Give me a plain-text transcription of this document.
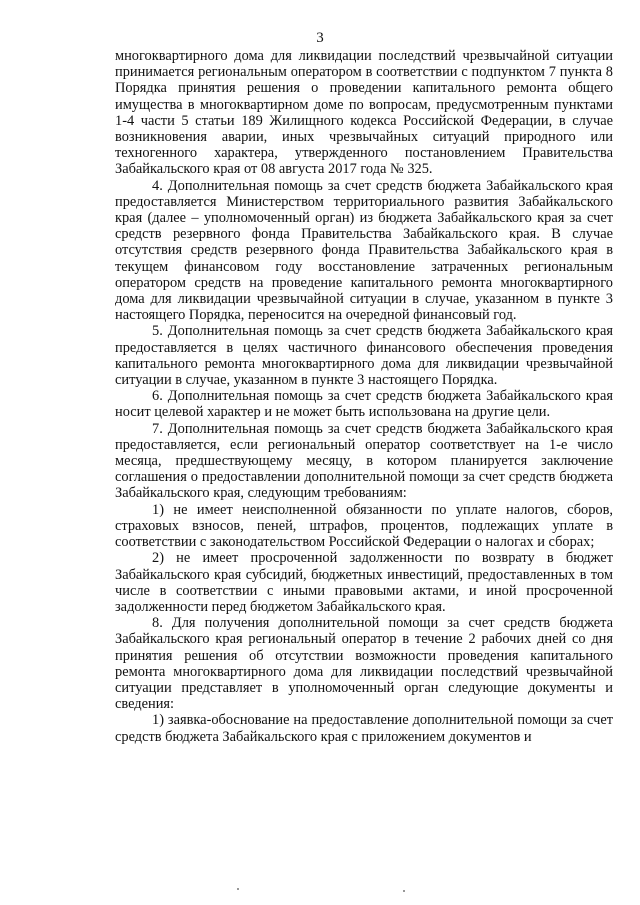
3

многоквартирного дома для ликвидации последствий чрезвычайной ситуации принимается региональным оператором в соответствии с подпунктом 7 пункта 8 Порядка принятия решения о проведении капитального ремонта общего имущества в многоквартирном доме по вопросам, предусмотренным пунктами 1-4 части 5 статьи 189 Жилищного кодекса Российской Федерации, в случае возникновения аварии, иных чрезвычайных ситуаций природного или техногенного характера, утвержденного постановлением Правительства Забайкальского края от 08 августа 2017 года № 325.

4. Дополнительная помощь за счет средств бюджета Забайкальского края предоставляется Министерством территориального развития Забайкальского края (далее – уполномоченный орган) из бюджета Забайкальского края за счет средств резервного фонда Правительства Забайкальского края. В случае отсутствия средств резервного фонда Правительства Забайкальского края в текущем финансовом году восстановление затраченных региональным оператором средств на проведение капитального ремонта многоквартирного дома для ликвидации чрезвычайной ситуации в случае, указанном в пункте 3 настоящего Порядка, переносится на очередной финансовый год.

5. Дополнительная помощь за счет средств бюджета Забайкальского края предоставляется в целях частичного финансового обеспечения проведения капитального ремонта многоквартирного дома для ликвидации чрезвычайной ситуации в случае, указанном в пункте 3 настоящего Порядка.

6. Дополнительная помощь за счет средств бюджета Забайкальского края носит целевой характер и не может быть использована на другие цели.

7. Дополнительная помощь за счет средств бюджета Забайкальского края предоставляется, если региональный оператор соответствует на 1-е число месяца, предшествующему месяцу, в котором планируется заключение соглашения о предоставлении дополнительной помощи за счет средств бюджета Забайкальского края, следующим требованиям:

1) не имеет неисполненной обязанности по уплате налогов, сборов, страховых взносов, пеней, штрафов, процентов, подлежащих уплате в соответствии с законодательством Российской Федерации о налогах и сборах;

2) не имеет просроченной задолженности по возврату в бюджет Забайкальского края субсидий, бюджетных инвестиций, предоставленных в том числе в соответствии с иными правовыми актами, и иной просроченной задолженности перед бюджетом Забайкальского края.

8. Для получения дополнительной помощи за счет средств бюджета Забайкальского края региональный оператор в течение 2 рабочих дней со дня принятия решения об отсутствии возможности проведения капитального ремонта многоквартирного дома для ликвидации последствий чрезвычайной ситуации представляет в уполномоченный орган следующие документы и сведения:

1) заявка-обоснование на предоставление дополнительной помощи за счет средств бюджета Забайкальского края с приложением документов и
